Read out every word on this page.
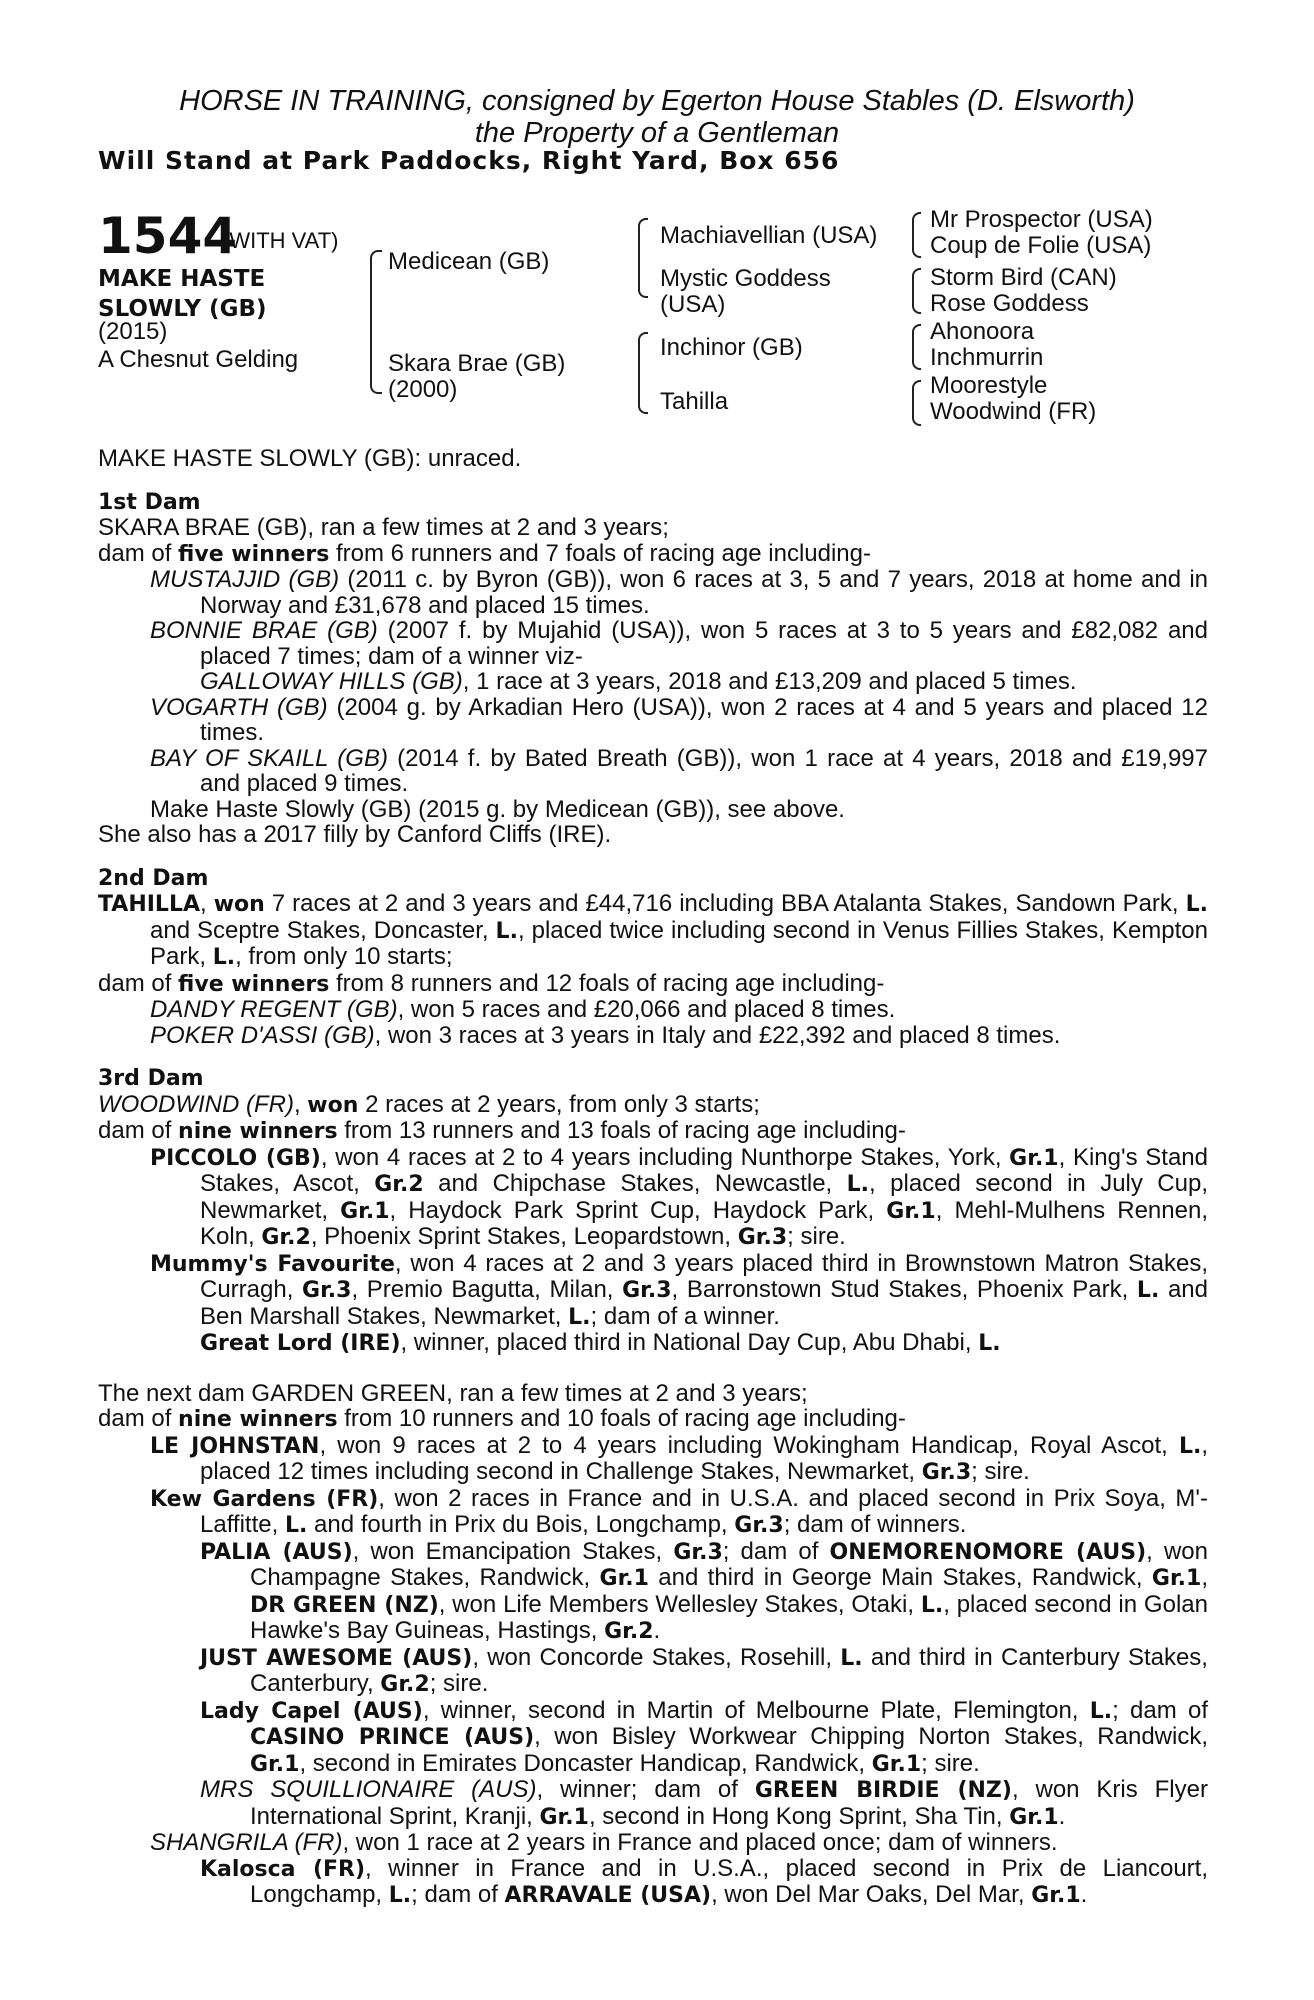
HORSE IN TRAINING, consigned by Egerton House Stables (D. Elsworth)
the Property of a Gentleman
Will Stand at Park Paddocks, Right Yard, Box 656
1544
(WITH VAT)
MAKE HASTE
SLOWLY (GB)
(2015)
A Chesnut Gelding
Medicean (GB)
Skara Brae (GB)
(2000)
Machiavellian (USA)
Mystic Goddess
(USA)
Inchinor (GB)
Tahilla
Mr Prospector (USA)
Coup de Folie (USA)
Storm Bird (CAN)
Rose Goddess
Ahonoora
Inchmurrin
Moorestyle
Woodwind (FR)

MAKE HASTE SLOWLY (GB): unraced.

1st Dam

SKARA BRAE (GB), ran a few times at 2 and 3 years;

dam of five winners from 6 runners and 7 foals of racing age including-

MUSTAJJID (GB) (2011 c. by Byron (GB)), won 6 races at 3, 5 and 7 years, 2018 at home and in Norway and £31,678 and placed 15 times.

BONNIE BRAE (GB) (2007 f. by Mujahid (USA)), won 5 races at 3 to 5 years and £82,082 and placed 7 times; dam of a winner viz-

GALLOWAY HILLS (GB), 1 race at 3 years, 2018 and £13,209 and placed 5 times.

VOGARTH (GB) (2004 g. by Arkadian Hero (USA)), won 2 races at 4 and 5 years and placed 12 times.

BAY OF SKAILL (GB) (2014 f. by Bated Breath (GB)), won 1 race at 4 years, 2018 and £19,997 and placed 9 times.

Make Haste Slowly (GB) (2015 g. by Medicean (GB)), see above.

She also has a 2017 filly by Canford Cliffs (IRE).

2nd Dam

TAHILLA, won 7 races at 2 and 3 years and £44,716 including BBA Atalanta Stakes, Sandown Park, L. and Sceptre Stakes, Doncaster, L., placed twice including second in Venus Fillies Stakes, Kempton Park, L., from only 10 starts;

dam of five winners from 8 runners and 12 foals of racing age including-

DANDY REGENT (GB), won 5 races and £20,066 and placed 8 times.

POKER D'ASSI (GB), won 3 races at 3 years in Italy and £22,392 and placed 8 times.

3rd Dam

WOODWIND (FR), won 2 races at 2 years, from only 3 starts;

dam of nine winners from 13 runners and 13 foals of racing age including-

PICCOLO (GB), won 4 races at 2 to 4 years including Nunthorpe Stakes, York, Gr.1, King's Stand Stakes, Ascot, Gr.2 and Chipchase Stakes, Newcastle, L., placed second in July Cup, Newmarket, Gr.1, Haydock Park Sprint Cup, Haydock Park, Gr.1, Mehl-Mulhens Rennen, Koln, Gr.2, Phoenix Sprint Stakes, Leopardstown, Gr.3; sire.

Mummy's Favourite, won 4 races at 2 and 3 years placed third in Brownstown Matron Stakes, Curragh, Gr.3, Premio Bagutta, Milan, Gr.3, Barronstown Stud Stakes, Phoenix Park, L. and Ben Marshall Stakes, Newmarket, L.; dam of a winner.

Great Lord (IRE), winner, placed third in National Day Cup, Abu Dhabi, L.

The next dam GARDEN GREEN, ran a few times at 2 and 3 years;

dam of nine winners from 10 runners and 10 foals of racing age including-

LE JOHNSTAN, won 9 races at 2 to 4 years including Wokingham Handicap, Royal Ascot, L., placed 12 times including second in Challenge Stakes, Newmarket, Gr.3; sire.

Kew Gardens (FR), won 2 races in France and in U.S.A. and placed second in Prix Soya, M'-Laffitte, L. and fourth in Prix du Bois, Longchamp, Gr.3; dam of winners.

PALIA (AUS), won Emancipation Stakes, Gr.3; dam of ONEMORENOMORE (AUS), won Champagne Stakes, Randwick, Gr.1 and third in George Main Stakes, Randwick, Gr.1, DR GREEN (NZ), won Life Members Wellesley Stakes, Otaki, L., placed second in Golan Hawke's Bay Guineas, Hastings, Gr.2.

JUST AWESOME (AUS), won Concorde Stakes, Rosehill, L. and third in Canterbury Stakes, Canterbury, Gr.2; sire.

Lady Capel (AUS), winner, second in Martin of Melbourne Plate, Flemington, L.; dam of CASINO PRINCE (AUS), won Bisley Workwear Chipping Norton Stakes, Randwick, Gr.1, second in Emirates Doncaster Handicap, Randwick, Gr.1; sire.

MRS SQUILLIONAIRE (AUS), winner; dam of GREEN BIRDIE (NZ), won Kris Flyer International Sprint, Kranji, Gr.1, second in Hong Kong Sprint, Sha Tin, Gr.1.

SHANGRILA (FR), won 1 race at 2 years in France and placed once; dam of winners.

Kalosca (FR), winner in France and in U.S.A., placed second in Prix de Liancourt, Longchamp, L.; dam of ARRAVALE (USA), won Del Mar Oaks, Del Mar, Gr.1.
